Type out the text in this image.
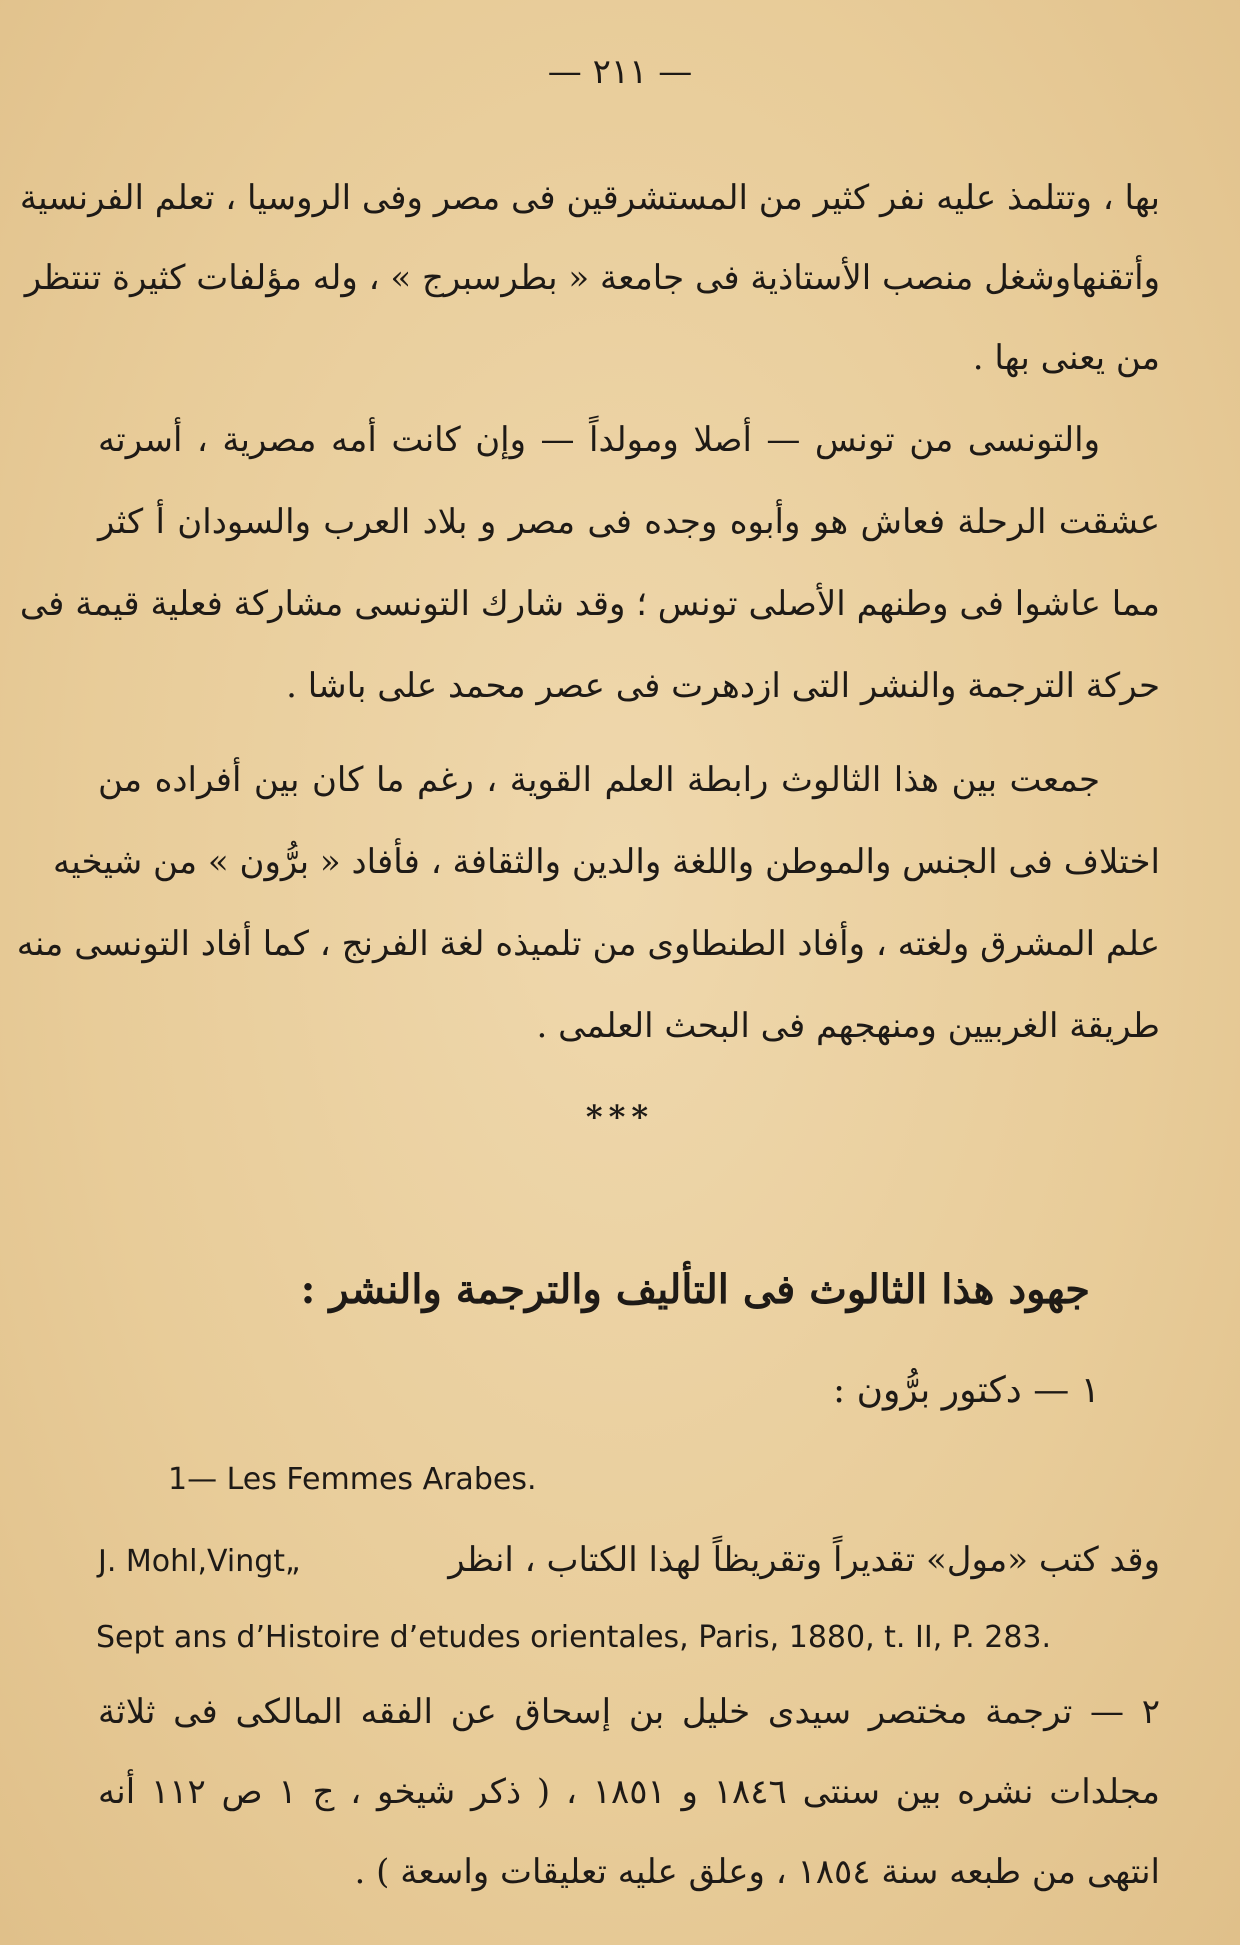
— ٢١١ —
بها ، وتتلمذ عليه نفر كثير من المستشرقين فى مصر وفى الروسيا ، تعلم الفرنسية
وأتقنهاوشغل منصب الأستاذية فى جامعة « بطرسبرج » ، وله مؤلفات كثيرة تنتظر
من يعنى بها .
والتونسى من تونس — أصلا ومولداً — وإن كانت أمه مصرية ، أسرته
عشقت الرحلة فعاش هو وأبوه وجده فى مصر و بلاد العرب والسودان أ كثر
مما عاشوا فى وطنهم الأصلى تونس ؛ وقد شارك التونسى مشاركة فعلية قيمة فى
حركة الترجمة والنشر التى ازدهرت فى عصر محمد على باشا .
جمعت بين هذا الثالوث رابطة العلم القوية ، رغم ما كان بين أفراده من
اختلاف فى الجنس والموطن واللغة والدين والثقافة ، فأفاد « برُّون » من شيخيه
علم المشرق ولغته ، وأفاد الطنطاوى من تلميذه لغة الفرنج ، كما أفاد التونسى منه
طريقة الغربيين ومنهجهم فى البحث العلمى .
***
جهود هذا الثالوث فى التأليف والترجمة والنشر :
١ — دكتور برُّون :
1— Les Femmes Arabes.
وقد كتب «مول» تقديراً وتقريظاً لهذا الكتاب ، انظر
J. Mohl,Vingt„
Sept ans d’Histoire d’etudes orientales, Paris, 1880, t. II, P. 283.
٢ — ترجمة مختصر سيدى خليل بن إسحاق عن الفقه المالكى فى ثلاثة
مجلدات نشره بين سنتى ١٨٤٦ و ١٨٥١ ، ( ذكر شيخو ، ج ١ ص ١١٢ أنه
انتهى من طبعه سنة ١٨٥٤ ، وعلق عليه تعليقات واسعة ) .
